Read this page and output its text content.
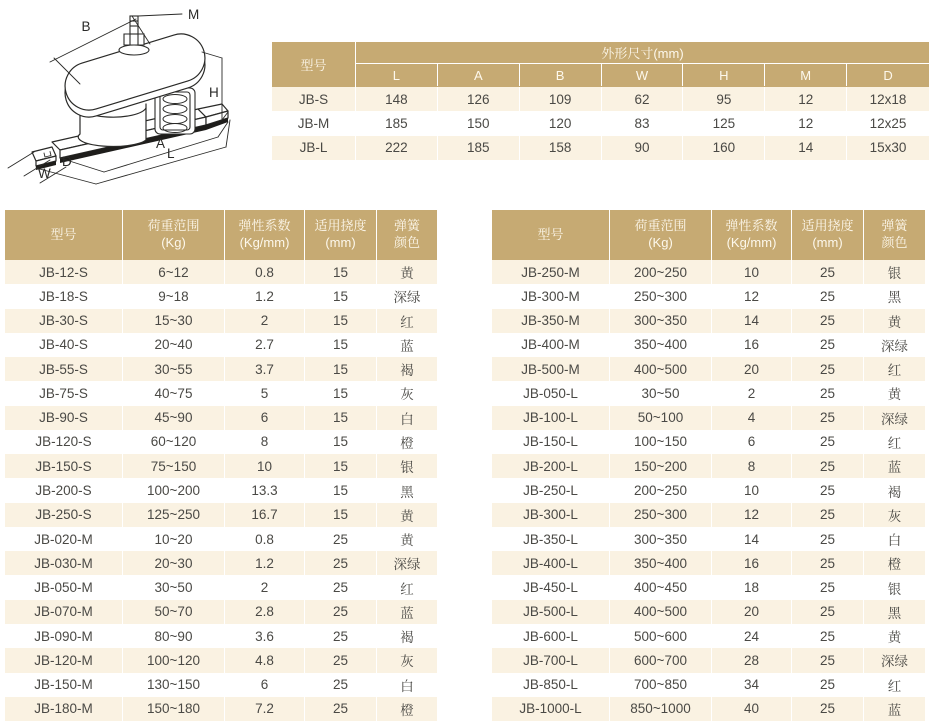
B
M
H
A
L
D
W
型号
外形尺寸(mm)
L	A	B	W	H	M	D
JB-S	148	126	109	62	95	12	12x18
JB-M	185	150	120	83	125	12	12x25
JB-L	222	185	158	90	160	14	15x30
型号
荷重范围
(Kg)
弹性系数
(Kg/mm)
适用挠度
(mm)
弹簧
颜色
JB-12-S	6~12	0.8	15	黄
JB-18-S	9~18	1.2	15	深绿
JB-30-S	15~30	2	15	红
JB-40-S	20~40	2.7	15	蓝
JB-55-S	30~55	3.7	15	褐
JB-75-S	40~75	5	15	灰
JB-90-S	45~90	6	15	白
JB-120-S	60~120	8	15	橙
JB-150-S	75~150	10	15	银
JB-200-S	100~200	13.3	15	黑
JB-250-S	125~250	16.7	15	黄
JB-020-M	10~20	0.8	25	黄
JB-030-M	20~30	1.2	25	深绿
JB-050-M	30~50	2	25	红
JB-070-M	50~70	2.8	25	蓝
JB-090-M	80~90	3.6	25	褐
JB-120-M	100~120	4.8	25	灰
JB-150-M	130~150	6	25	白
JB-180-M	150~180	7.2	25	橙
型号
荷重范围
(Kg)
弹性系数
(Kg/mm)
适用挠度
(mm)
弹簧
颜色
JB-250-M	200~250	10	25	银
JB-300-M	250~300	12	25	黑
JB-350-M	300~350	14	25	黄
JB-400-M	350~400	16	25	深绿
JB-500-M	400~500	20	25	红
JB-050-L	30~50	2	25	黄
JB-100-L	50~100	4	25	深绿
JB-150-L	100~150	6	25	红
JB-200-L	150~200	8	25	蓝
JB-250-L	200~250	10	25	褐
JB-300-L	250~300	12	25	灰
JB-350-L	300~350	14	25	白
JB-400-L	350~400	16	25	橙
JB-450-L	400~450	18	25	银
JB-500-L	400~500	20	25	黑
JB-600-L	500~600	24	25	黄
JB-700-L	600~700	28	25	深绿
JB-850-L	700~850	34	25	红
JB-1000-L	850~1000	40	25	蓝
